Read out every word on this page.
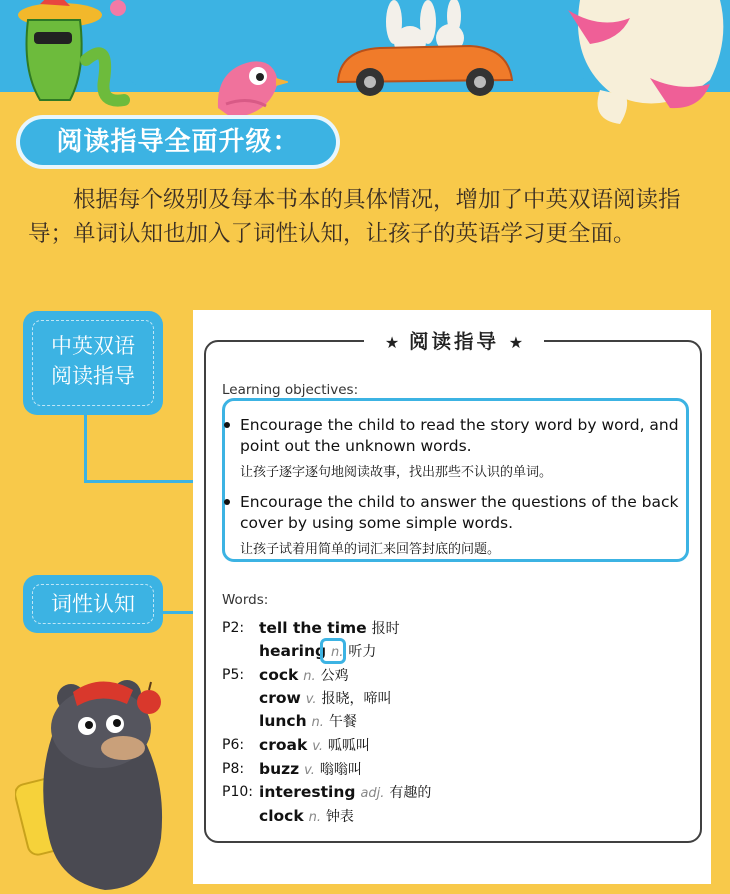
阅读指导全面升级：
根据每个级别及每本书本的具体情况，增加了中英双语阅读指导；单词认知也加入了词性认知，让孩子的英语学习更全面。
中英双语
阅读指导
词性认知
★ 阅读指导 ★
Learning objectives:
Encourage the child to read the story word by word, and point out the unknown words.
让孩子逐字逐句地阅读故事，找出那些不认识的单词。
Encourage the child to answer the questions of the back cover by using some simple words.
让孩子试着用简单的词汇来回答封底的问题。
Words:
P2: tell the time 报时
hearing n. 听力
P5: cock n. 公鸡
crow v. 报晓，啼叫
lunch n. 午餐
P6: croak v. 呱呱叫
P8: buzz v. 嗡嗡叫
P10: interesting adj. 有趣的
clock n. 钟表
